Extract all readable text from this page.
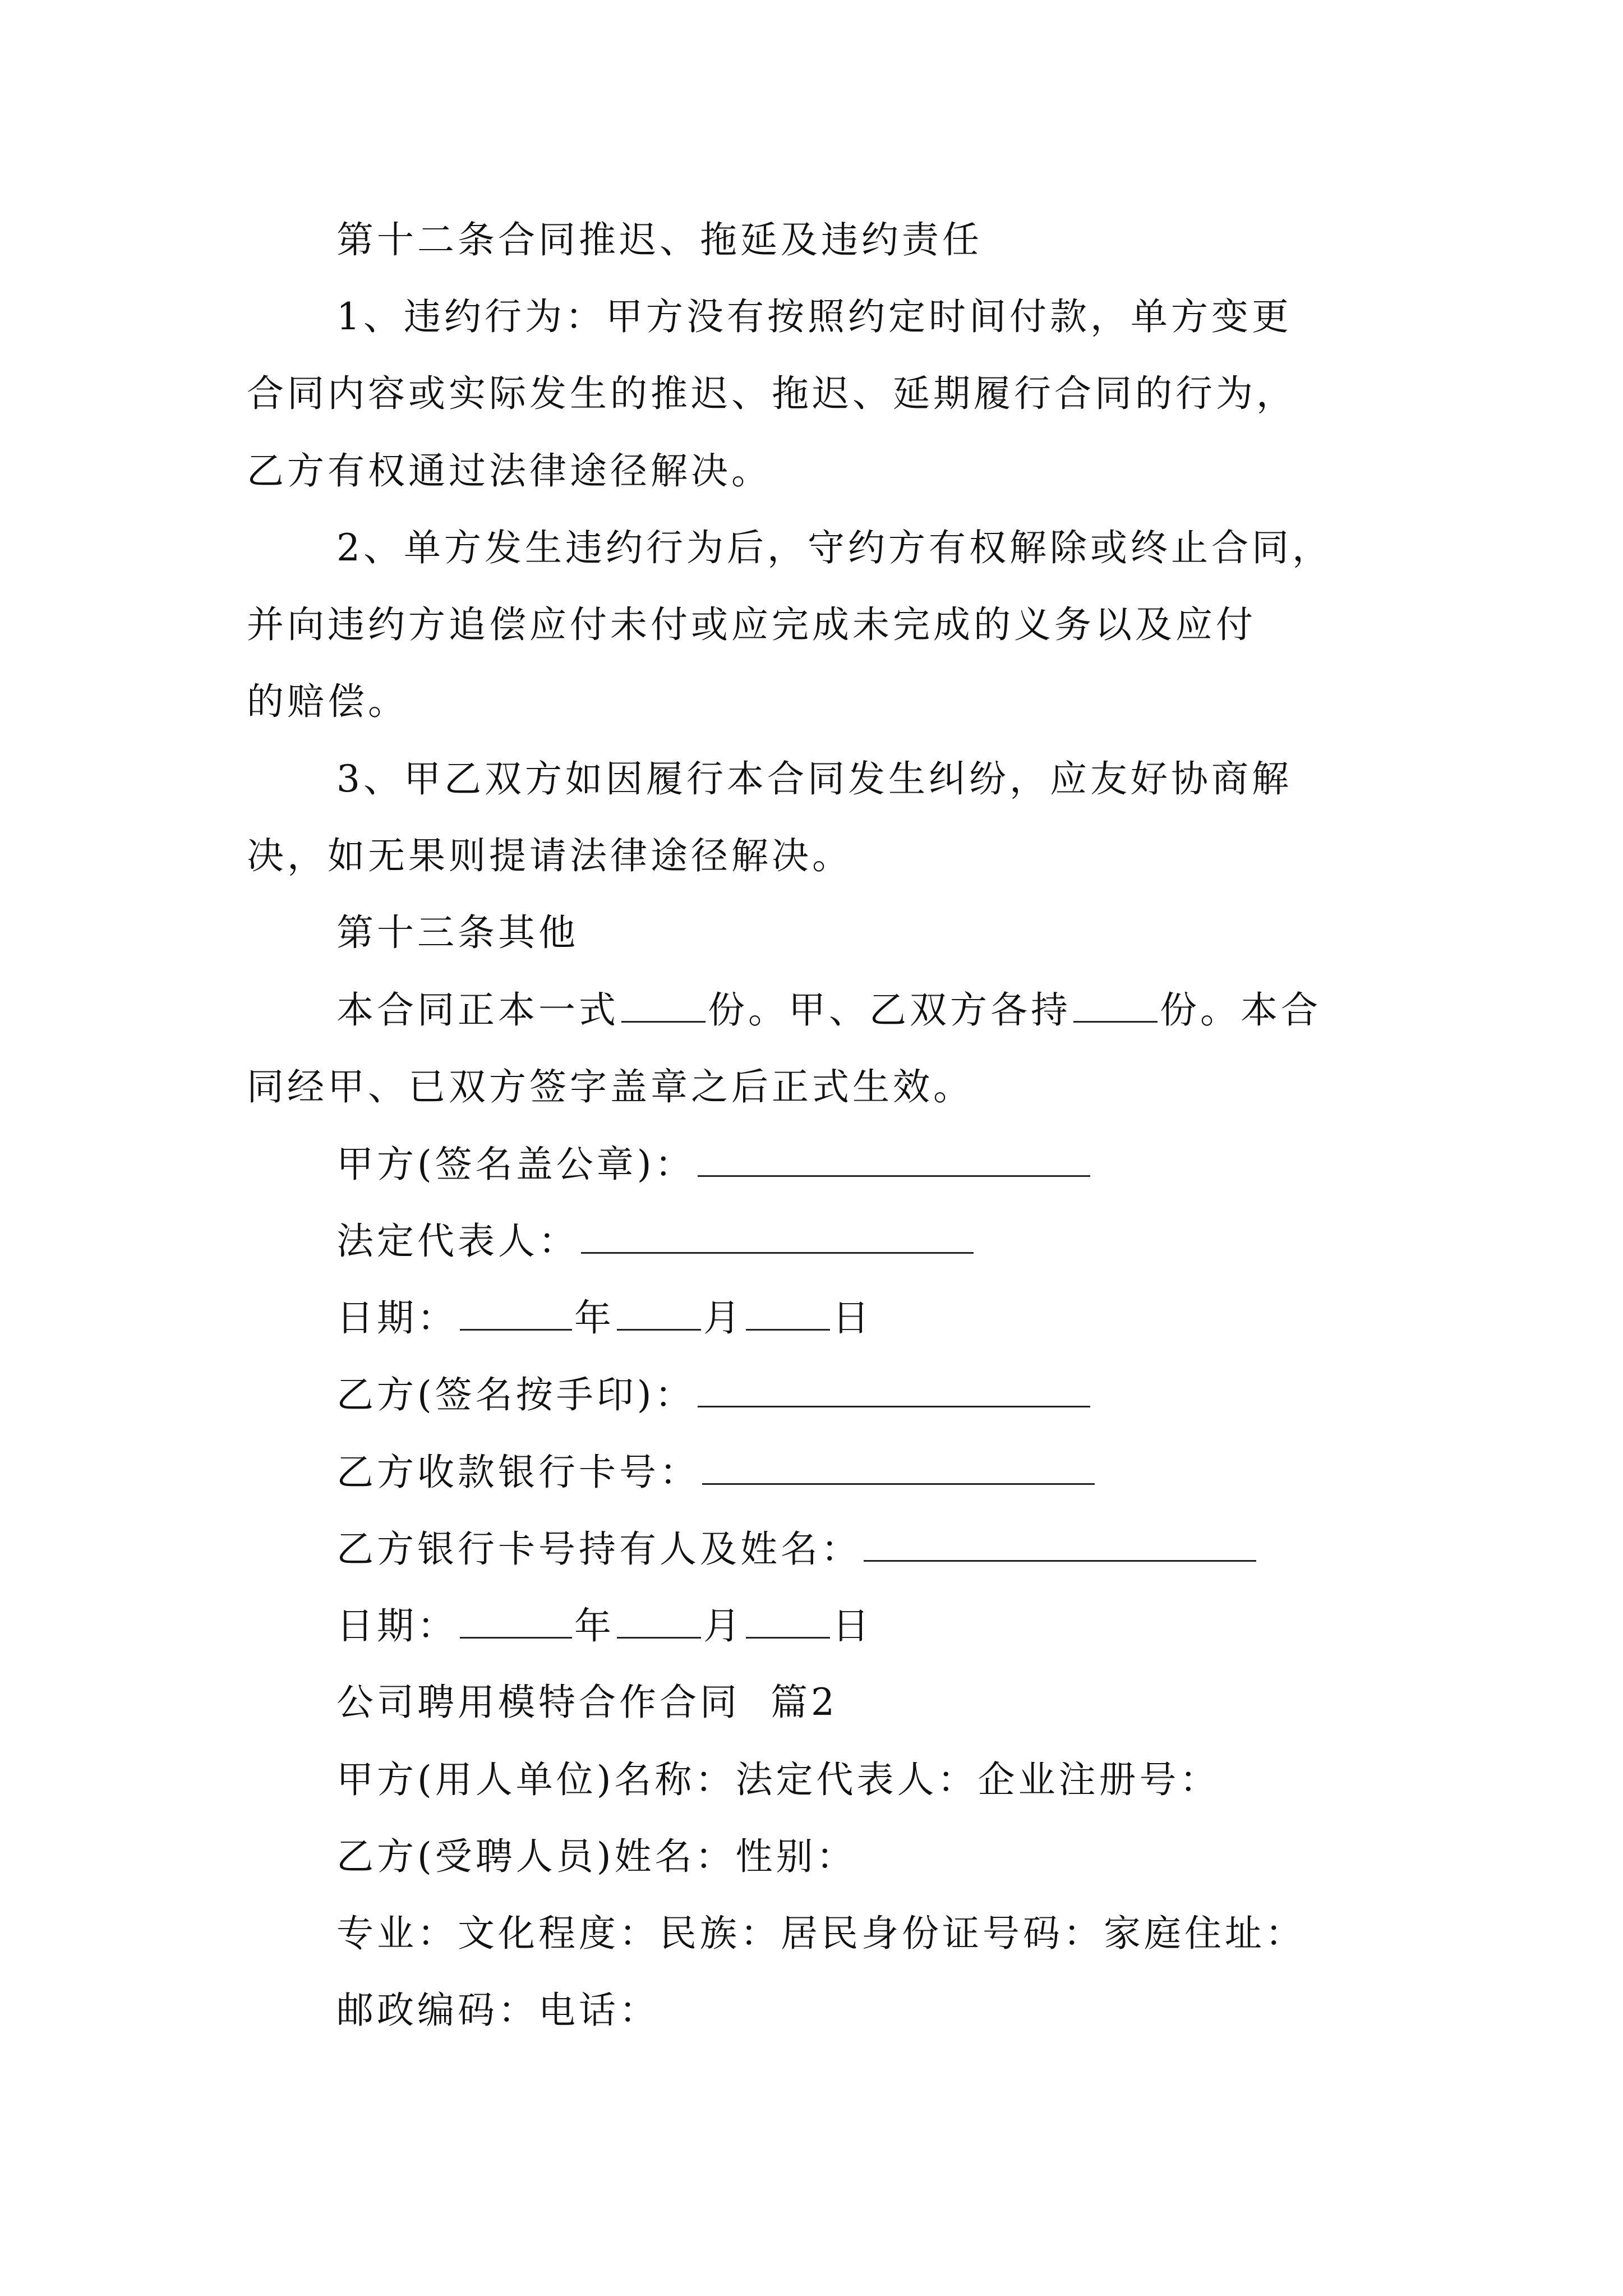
第十二条合同推迟、拖延及违约责任

1、违约行为：甲方没有按照约定时间付款，单方变更

合同内容或实际发生的推迟、拖迟、延期履行合同的行为，

乙方有权通过法律途径解决。

2、单方发生违约行为后，守约方有权解除或终止合同，

并向违约方追偿应付未付或应完成未完成的义务以及应付

的赔偿。

3、甲乙双方如因履行本合同发生纠纷，应友好协商解

决，如无果则提请法律途径解决。

第十三条其他

本合同正本一式 份。甲、乙双方各持 份。本合

同经甲、已双方签字盖章之后正式生效。

甲方(签名盖公章)：

法定代表人：

日期：	年 月 日

乙方(签名按手印)：

乙方收款银行卡号：

乙方银行卡号持有人及姓名：

日期：	年 月 日

公司聘用模特合作合同  篇2

甲方(用人单位)名称：法定代表人：企业注册号：

乙方(受聘人员)姓名：性别：

专业：文化程度：民族：居民身份证号码：家庭住址：

邮政编码：电话：
